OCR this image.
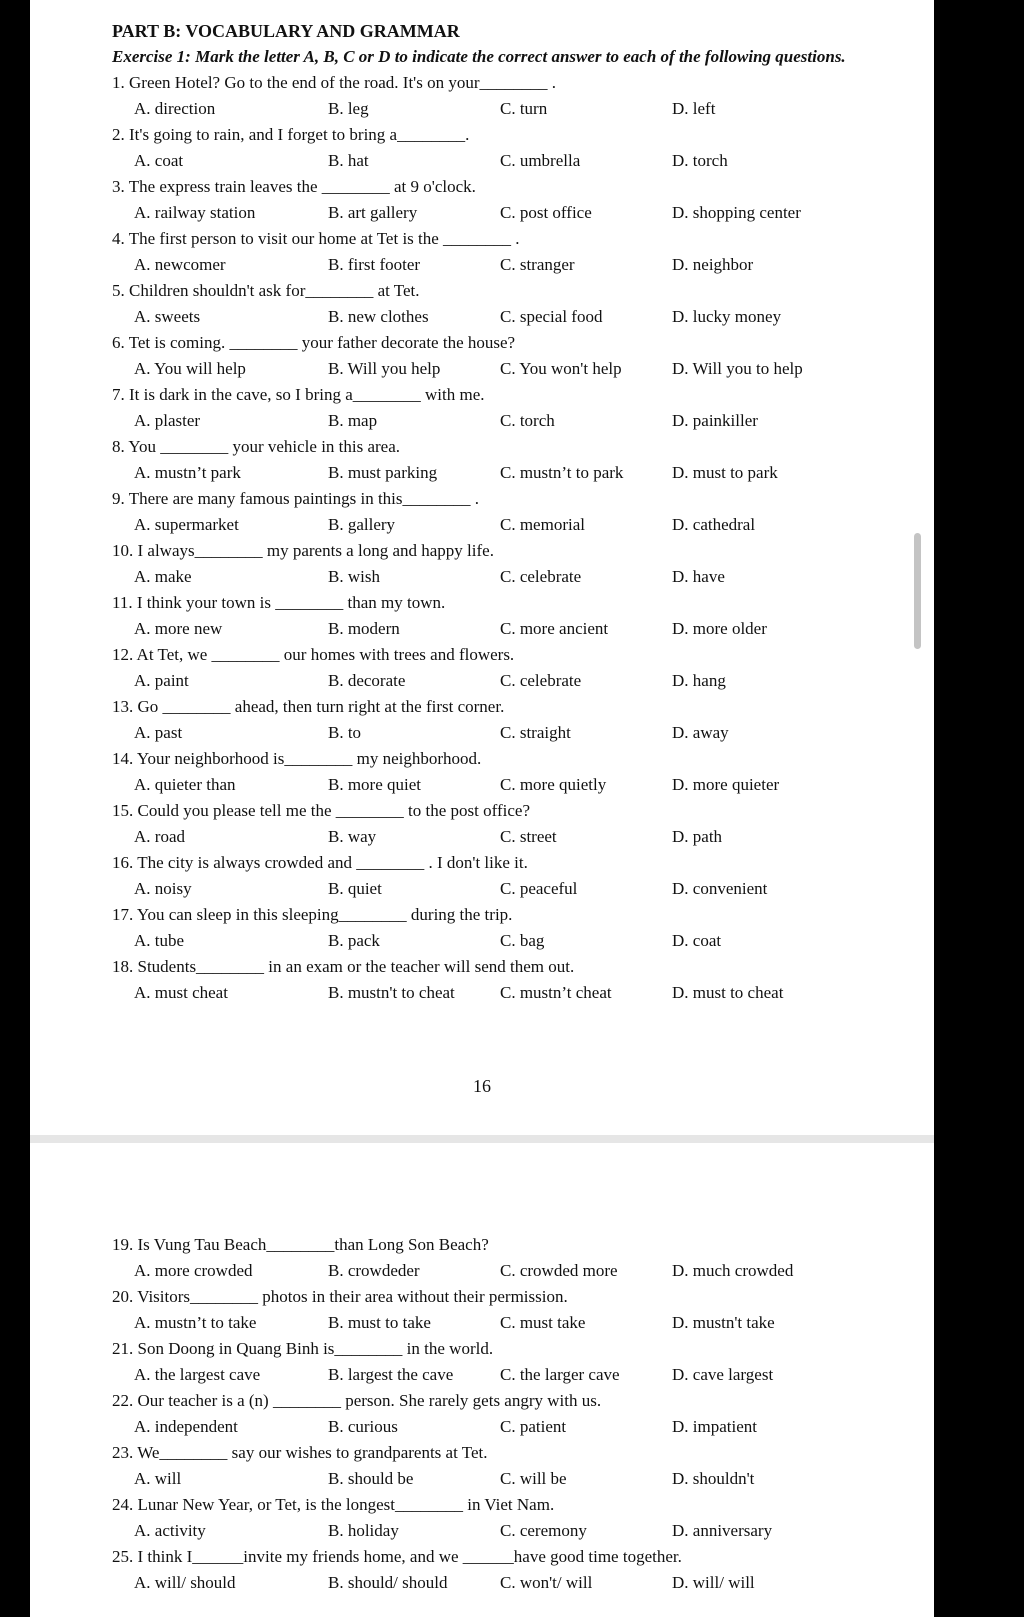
PART B: VOCABULARY AND GRAMMAR
Exercise 1: Mark the letter A, B, C or D to indicate the correct answer to each of the following questions.
1. Green Hotel? Go to the end of the road. It's on your________ .
A. direction	B. leg	C. turn	D. left
2. It's going to rain, and I forget to bring a________.
A. coat	B. hat	C. umbrella	D. torch
3. The express train leaves the ________ at 9 o'clock.
A. railway station	B. art gallery	C. post office	D. shopping center
4. The first person to visit our home at Tet is the ________ .
A. newcomer	B. first footer	C. stranger	D. neighbor
5. Children shouldn't ask for________ at Tet.
A. sweets	B. new clothes	C. special food	D. lucky money
6. Tet is coming. ________ your father decorate the house?
A. You will help	B. Will you help	C. You won't help	D. Will you to help
7. It is dark in the cave, so I bring a________ with me.
A. plaster	B. map	C. torch	D. painkiller
8. You ________ your vehicle in this area.
A. mustn’t park	B. must parking	C. mustn’t to park	D. must to park
9. There are many famous paintings in this________ .
A. supermarket	B. gallery	C. memorial	D. cathedral
10. I always________ my parents a long and happy life.
A. make	B. wish	C. celebrate	D. have
11. I think your town is ________ than my town.
A. more new	B. modern	C. more ancient	D. more older
12. At Tet, we ________ our homes with trees and flowers.
A. paint	B. decorate	C. celebrate	D. hang
13. Go ________ ahead, then turn right at the first corner.
A. past	B. to	C. straight	D. away
14. Your neighborhood is________ my neighborhood.
A. quieter than	B. more quiet	C. more quietly	D. more quieter
15. Could you please tell me the ________ to the post office?
A. road	B. way	C. street	D. path
16. The city is always crowded and ________ . I don't like it.
A. noisy	B. quiet	C. peaceful	D. convenient
17. You can sleep in this sleeping________ during the trip.
A. tube	B. pack	C. bag	D. coat
18. Students________ in an exam or the teacher will send them out.
A. must cheat	B. mustn't to cheat	C. mustn’t cheat	D. must to cheat
16
19. Is Vung Tau Beach________than Long Son Beach?
A. more crowded	B. crowdeder	C. crowded more	D. much crowded
20. Visitors________ photos in their area without their permission.
A. mustn’t to take	B. must to take	C. must take	D. mustn't take
21. Son Doong in Quang Binh is________ in the world.
A. the largest cave	B. largest the cave	C. the larger cave	D. cave largest
22. Our teacher is a (n) ________ person. She rarely gets angry with us.
A. independent	B. curious	C. patient	D. impatient
23. We________ say our wishes to grandparents at Tet.
A. will	B. should be	C. will be	D. shouldn't
24. Lunar New Year, or Tet, is the longest________ in Viet Nam.
A. activity	B. holiday	C. ceremony	D. anniversary
25. I think I______invite my friends home, and we ______have good time together.
A. will/ should	B. should/ should	C. won't/ will	D. will/ will
